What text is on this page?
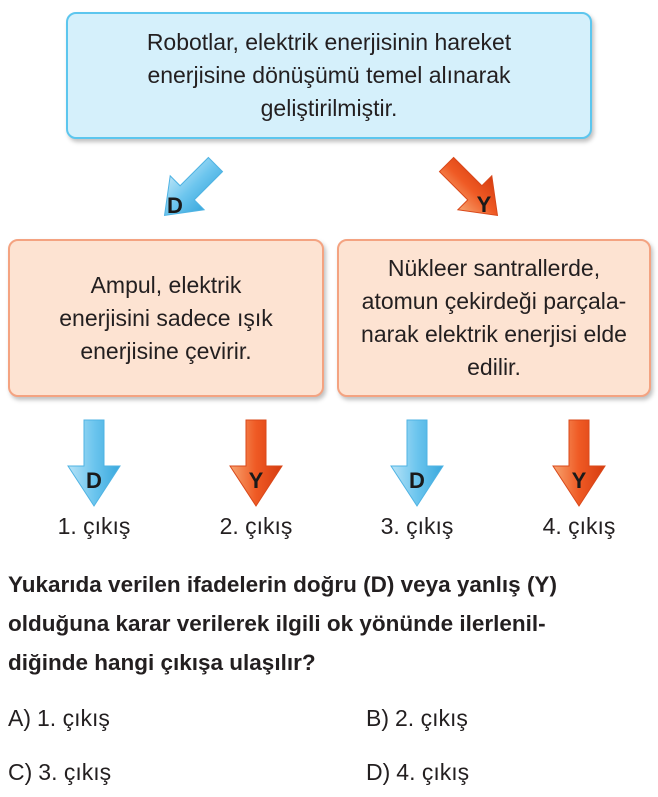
Robotlar, elektrik enerjisinin hareket
enerjisine dönüşümü temel alınarak
geliştirilmiştir.
D	Y
Ampul, elektrik
enerjisini sadece ışık
enerjisine çevirir.
Nükleer santrallerde,
atomun çekirdeği parçala-
narak elektrik enerjisi elde
edilir.
D	Y	D	Y
1. çıkış	2. çıkış	3. çıkış	4. çıkış
Yukarıda verilen ifadelerin doğru (D) veya yanlış (Y)
olduğuna karar verilerek ilgili ok yönünde ilerlenil-
diğinde hangi çıkışa ulaşılır?
A) 1. çıkış	B) 2. çıkış
C) 3. çıkış	D) 4. çıkış
